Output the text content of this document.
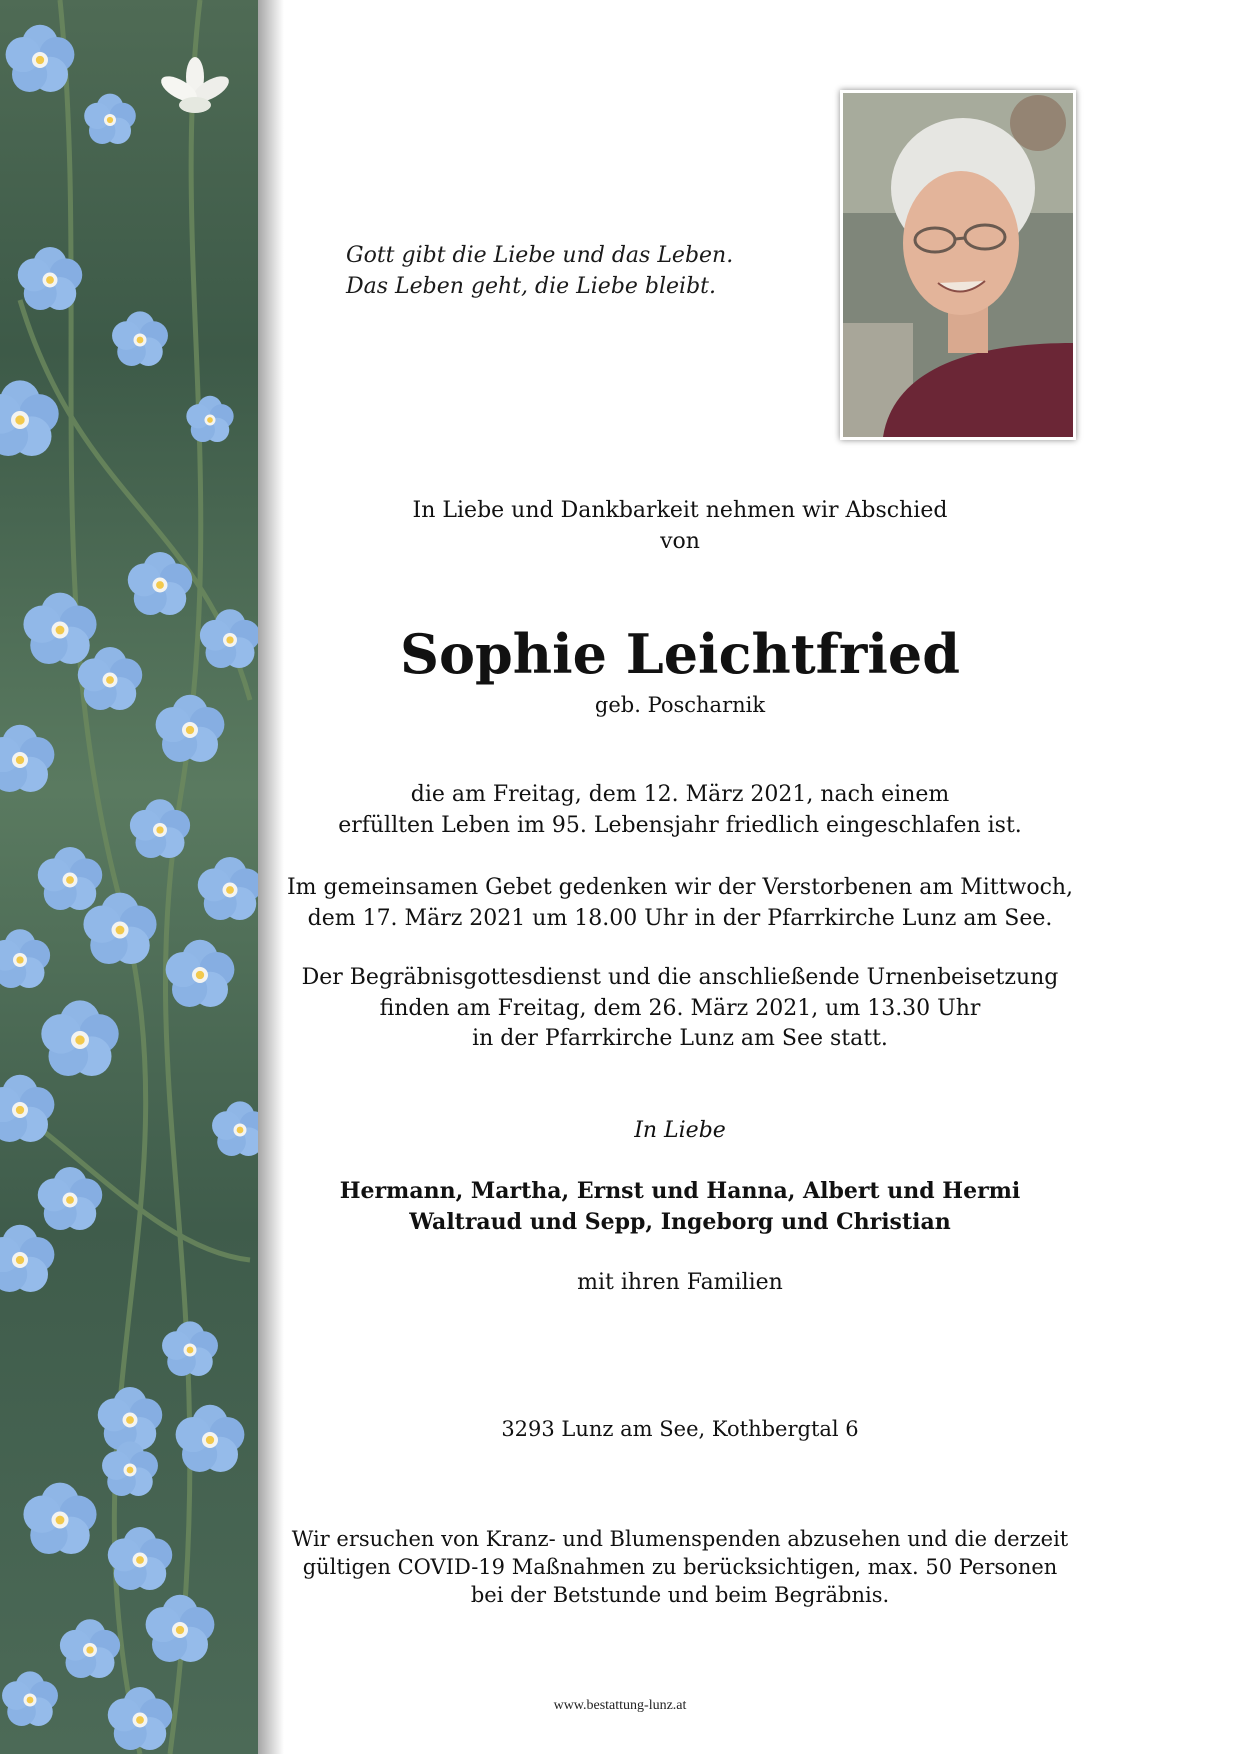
Gott gibt die Liebe und das Leben.
Das Leben geht, die Liebe bleibt.
In Liebe und Dankbarkeit nehmen wir Abschied
von
Sophie Leichtfried
geb. Poscharnik
die am Freitag, dem 12. März 2021, nach einem
erfüllten Leben im 95. Lebensjahr friedlich eingeschlafen ist.
Im gemeinsamen Gebet gedenken wir der Verstorbenen am Mittwoch,
dem 17. März 2021 um 18.00 Uhr in der Pfarrkirche Lunz am See.
Der Begräbnisgottesdienst und die anschließende Urnenbeisetzung
finden am Freitag, dem 26. März 2021, um 13.30 Uhr
in der Pfarrkirche Lunz am See statt.
In Liebe
Hermann, Martha, Ernst und Hanna, Albert und Hermi
Waltraud und Sepp, Ingeborg und Christian
mit ihren Familien
3293 Lunz am See, Kothbergtal 6
Wir ersuchen von Kranz- und Blumenspenden abzusehen und die derzeit
gültigen COVID-19 Maßnahmen zu berücksichtigen, max. 50 Personen
bei der Betstunde und beim Begräbnis.
www.bestattung-lunz.at
